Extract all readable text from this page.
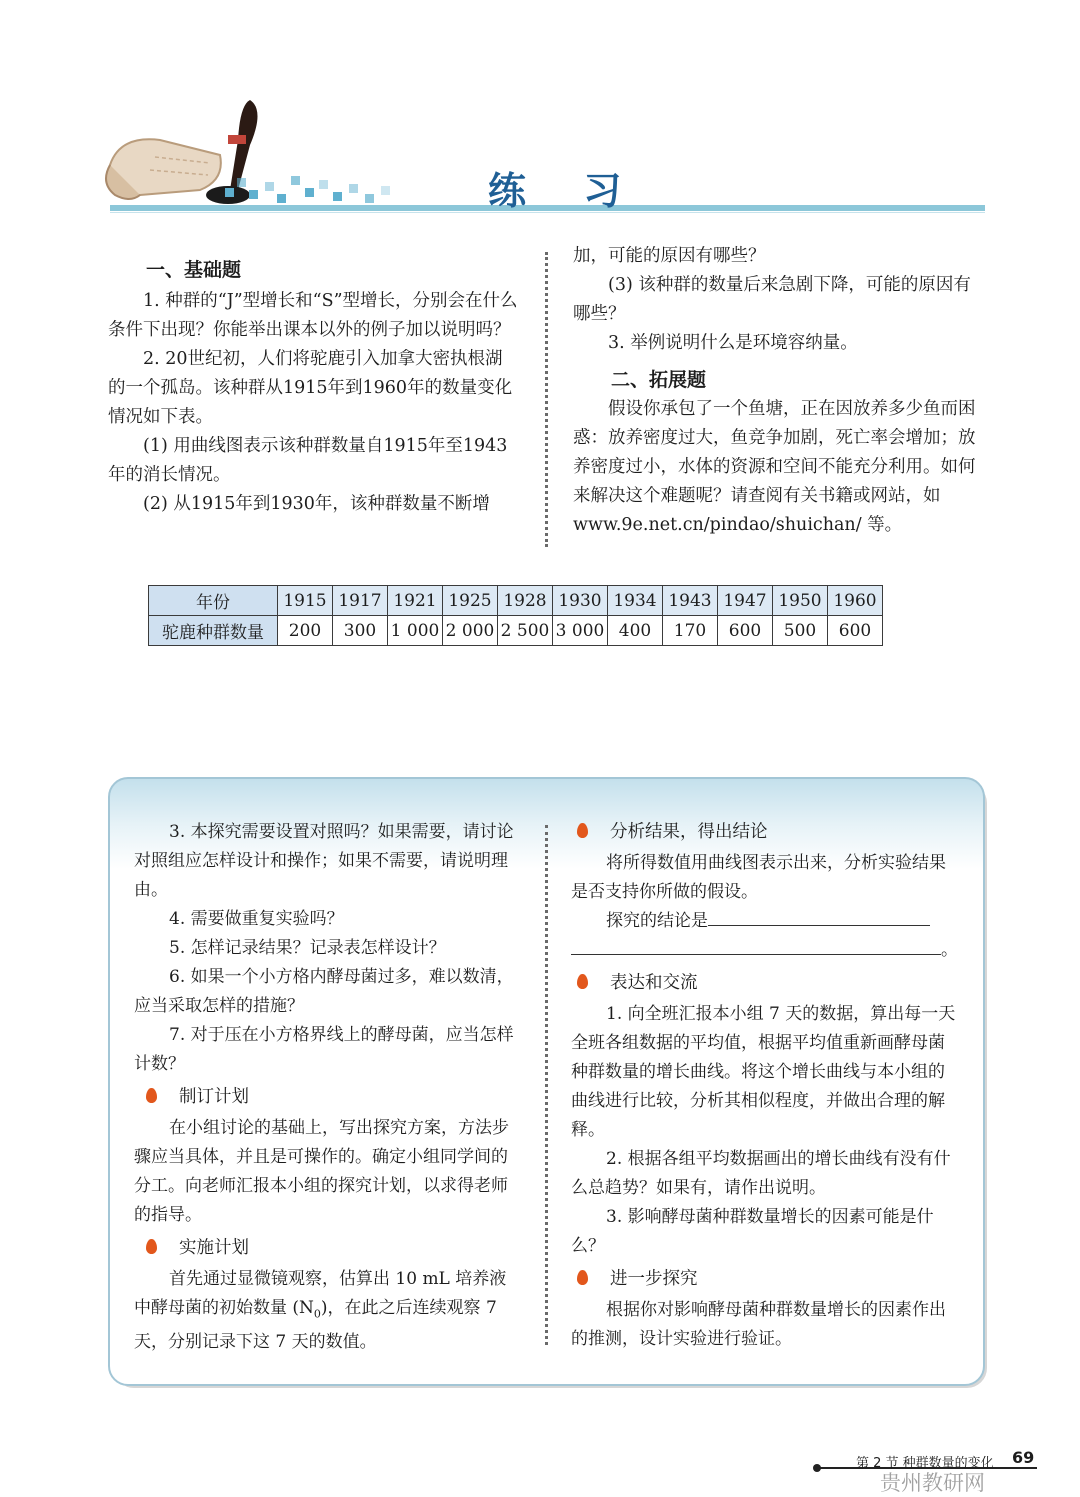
练 习

一、基础题

1. 种群的“J”型增长和“S”型增长，分别会在什么条件下出现？你能举出课本以外的例子加以说明吗？

2. 20世纪初，人们将驼鹿引入加拿大密执根湖的一个孤岛。该种群从1915年到1960年的数量变化情况如下表。

(1) 用曲线图表示该种群数量自1915年至1943年的消长情况。

(2) 从1915年到1930年，该种群数量不断增

加，可能的原因有哪些？

(3) 该种群的数量后来急剧下降，可能的原因有哪些？

3. 举例说明什么是环境容纳量。

二、拓展题

假设你承包了一个鱼塘，正在因放养多少鱼而困惑：放养密度过大，鱼竞争加剧，死亡率会增加；放养密度过小，水体的资源和空间不能充分利用。如何来解决这个难题呢？请查阅有关书籍或网站，如 www.9e.net.cn/pindao/shuichan/ 等。

年份	1915	1917	1921	1925	1928	1930	1934	1943	1947	1950	1960
驼鹿种群数量	200	300	1 000	2 000	2 500	3 000	400	170	600	500	600

3. 本探究需要设置对照吗？如果需要，请讨论对照组应怎样设计和操作；如果不需要，请说明理由。

4. 需要做重复实验吗？

5. 怎样记录结果？记录表怎样设计？

6. 如果一个小方格内酵母菌过多，难以数清，应当采取怎样的措施？

7. 对于压在小方格界线上的酵母菌，应当怎样计数？

制订计划

在小组讨论的基础上，写出探究方案，方法步骤应当具体，并且是可操作的。确定小组同学间的分工。向老师汇报本小组的探究计划，以求得老师的指导。

实施计划

首先通过显微镜观察，估算出 10 mL 培养液中酵母菌的初始数量 $(N_0)$，在此之后连续观察 7 天，分别记录下这 7 天的数值。

分析结果，得出结论

将所得数值用曲线图表示出来，分析实验结果是否支持你所做的假设。

探究的结论是

。

表达和交流

1. 向全班汇报本小组 7 天的数据，算出每一天全班各组数据的平均值，根据平均值重新画酵母菌种群数量的增长曲线。将这个增长曲线与本小组的曲线进行比较，分析其相似程度，并做出合理的解释。

2. 根据各组平均数据画出的增长曲线有没有什么总趋势？如果有，请作出说明。

3. 影响酵母菌种群数量增长的因素可能是什么？

进一步探究

根据你对影响酵母菌种群数量增长的因素作出的推测，设计实验进行验证。

第 2 节 种群数量的变化 69
贵州教研网
